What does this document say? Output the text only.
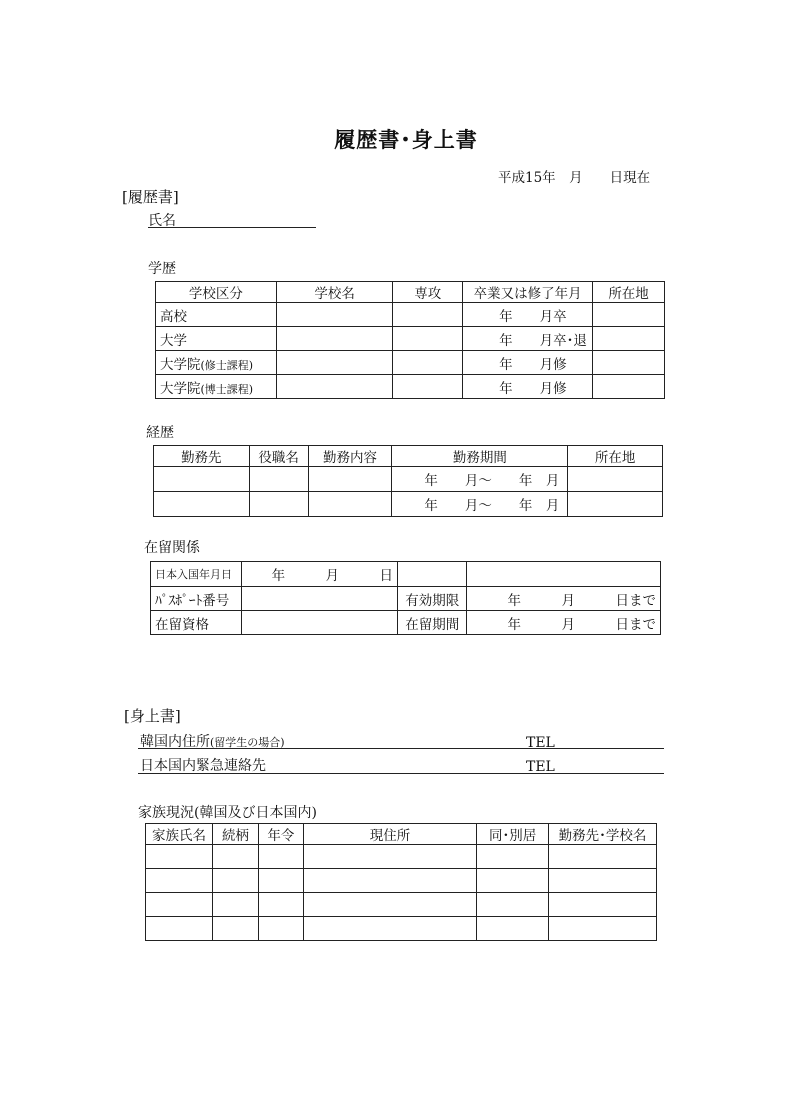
履歴書･身上書
平成15年　月　　日現在
[履歴書]
氏名
学歴
学校区分	学校名	専攻	卒業又は修了年月	所在地
高校			年　　月卒	
大学			年　　月卒･退	
大学院(修士課程)			年　　月修	
大学院(博士課程)			年　　月修	
経歴
勤務先	役職名	勤務内容	勤務期間	所在地
			年　　月～　　年　月	
			年　　月～　　年　月	
在留関係
日本入国年月日	年　　　月　　　日		
ﾊﾟｽﾎﾟｰﾄ番号		有効期限	年　　　月　　　日まで
在留資格		在留期間	年　　　月　　　日まで
[身上書]
韓国内住所(留学生の場合)	TEL
日本国内緊急連絡先	TEL
家族現況(韓国及び日本国内)
家族氏名	続柄	年令	現住所	同･別居	勤務先･学校名
